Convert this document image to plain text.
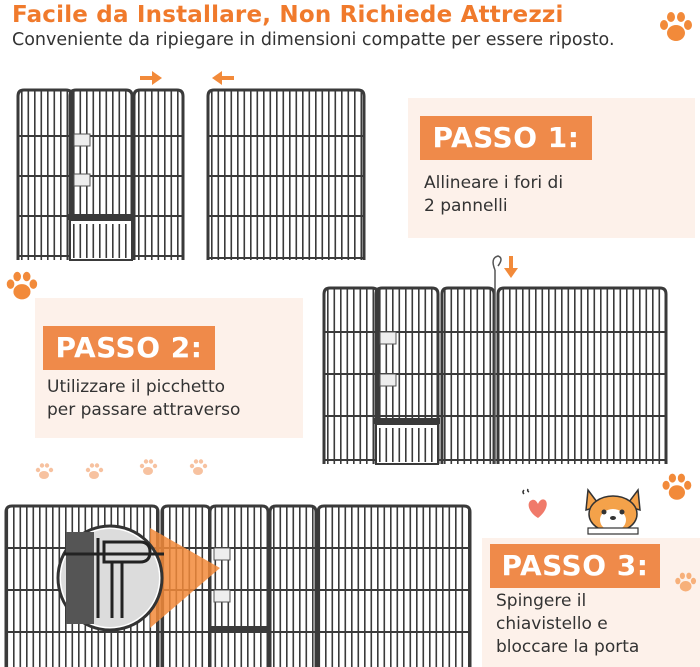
Facile da Installare, Non Richiede Attrezzi

Conveniente da ripiegare in dimensioni compatte per essere riposto.

PASSO 1:

Allineare i fori di
2 pannelli

PASSO 2:

Utilizzare il picchetto
per passare attraverso

PASSO 3:

Spingere il
chiavistello e
bloccare la porta
